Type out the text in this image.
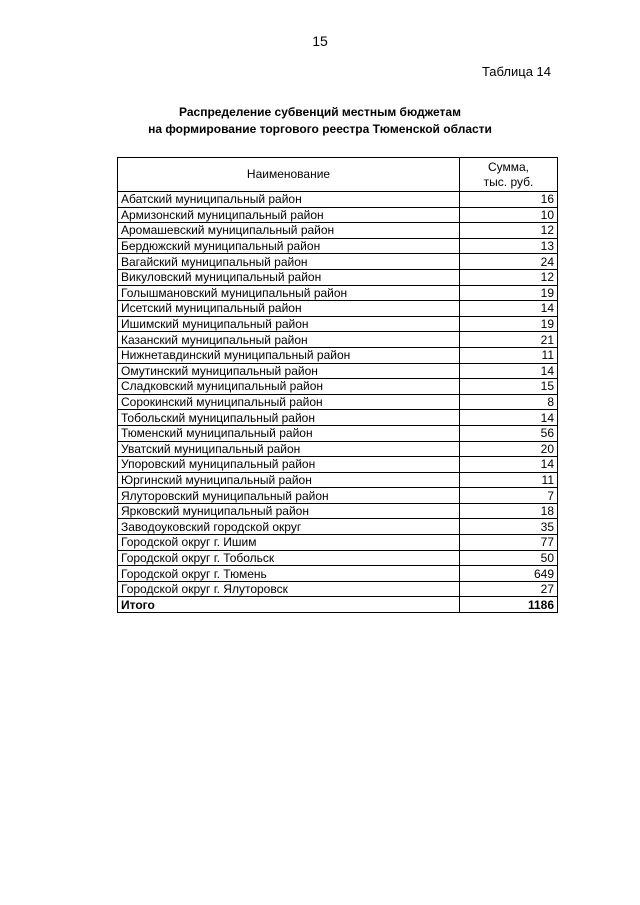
15
Таблица 14
Распределение субвенций местным бюджетам
на формирование торгового реестра Тюменской области
Наименование	Сумма,
тыс. руб.

Абатский муниципальный район	16
Армизонский муниципальный район	10
Аромашевский муниципальный район	12
Бердюжский муниципальный район	13
Вагайский муниципальный район	24
Викуловский муниципальный район	12
Голышмановский муниципальный район	19
Исетский муниципальный район	14
Ишимский муниципальный район	19
Казанский муниципальный район	21
Нижнетавдинский муниципальный район	11
Омутинский муниципальный район	14
Сладковский муниципальный район	15
Сорокинский муниципальный район	8
Тобольский муниципальный район	14
Тюменский муниципальный район	56
Уватский муниципальный район	20
Упоровский муниципальный район	14
Юргинский муниципальный район	11
Ялуторовский муниципальный район	7
Ярковский муниципальный район	18
Заводоуковский городской округ	35
Городской округ г. Ишим	77
Городской округ г. Тобольск	50
Городской округ г. Тюмень	649
Городской округ г. Ялуторовск	27
Итого	1186
